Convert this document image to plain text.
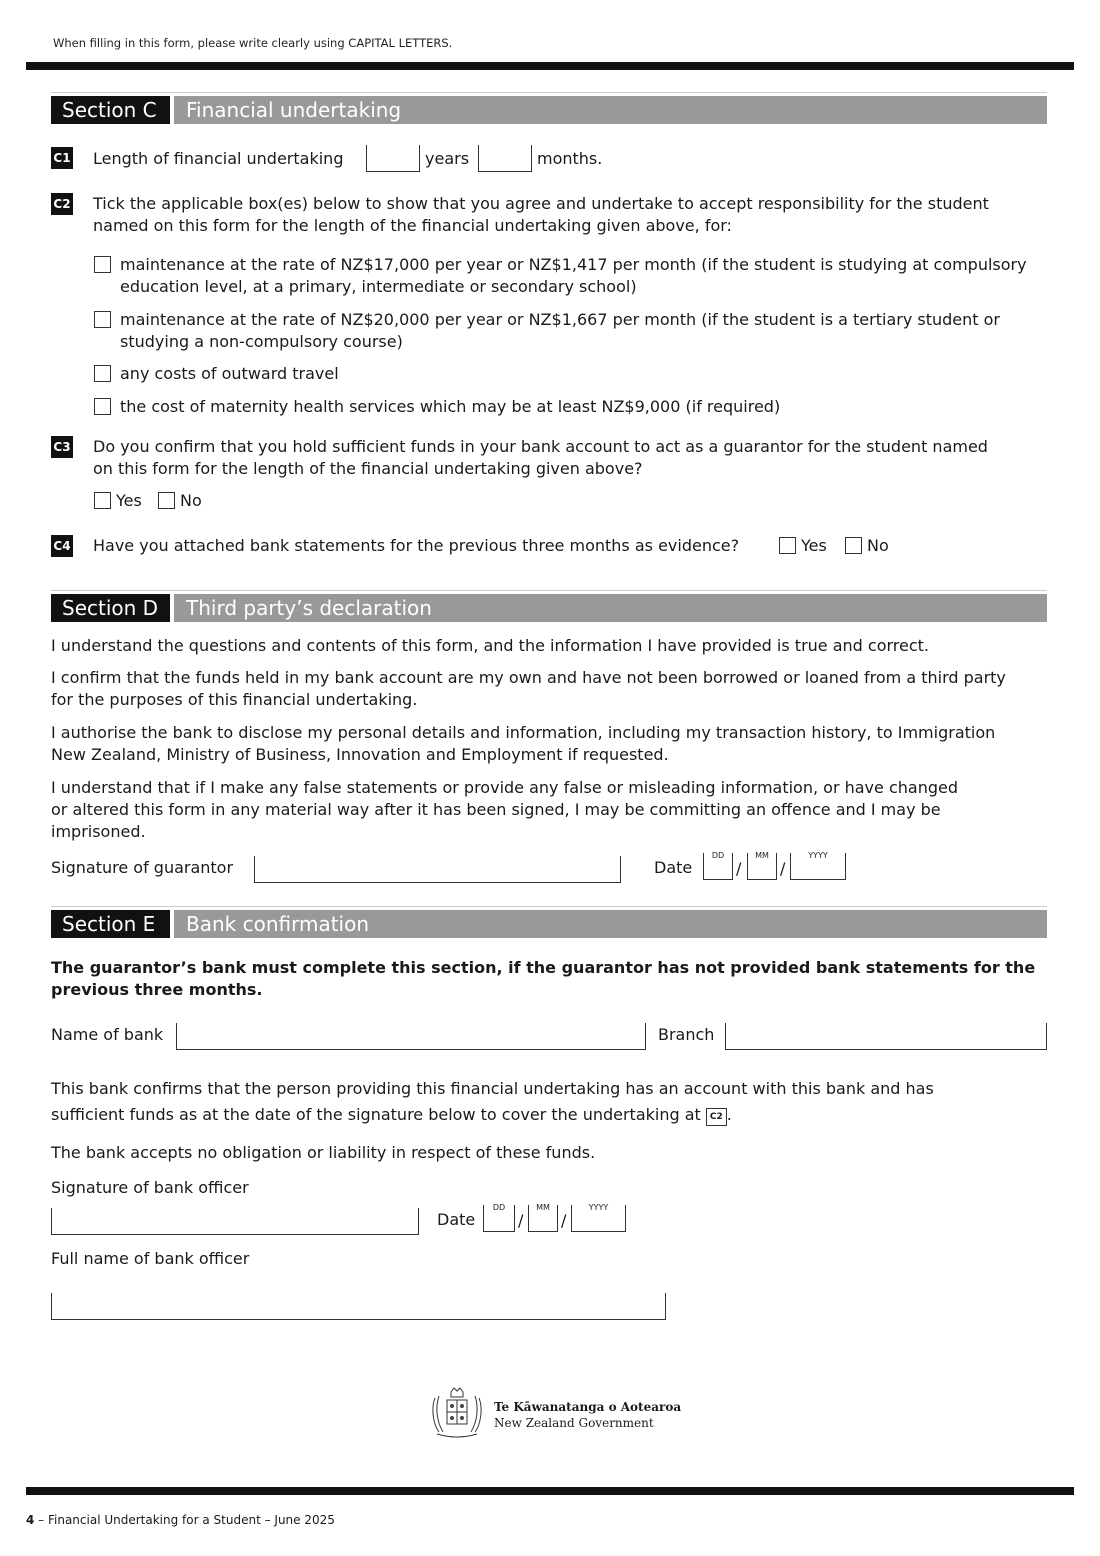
When filling in this form, please write clearly using CAPITAL LETTERS.
Section C	Financial undertaking
C1 Length of financial undertaking	years	months.
C2 Tick the applicable box(es) below to show that you agree and undertake to accept responsibility for the student
named on this form for the length of the financial undertaking given above, for:
maintenance at the rate of NZ$17,000 per year or NZ$1,417 per month (if the student is studying at compulsory
education level, at a primary, intermediate or secondary school)
maintenance at the rate of NZ$20,000 per year or NZ$1,667 per month (if the student is a tertiary student or
studying a non-compulsory course)
any costs of outward travel
the cost of maternity health services which may be at least NZ$9,000 (if required)
C3 Do you confirm that you hold sufficient funds in your bank account to act as a guarantor for the student named
on this form for the length of the financial undertaking given above?
Yes No
C4 Have you attached bank statements for the previous three months as evidence?	Yes	No
Section D	Third party’s declaration
I understand the questions and contents of this form, and the information I have provided is true and correct.
I confirm that the funds held in my bank account are my own and have not been borrowed or loaned from a third party
for the purposes of this financial undertaking.
I authorise the bank to disclose my personal details and information, including my transaction history, to Immigration
New Zealand, Ministry of Business, Innovation and Employment if requested.
I understand that if I make any false statements or provide any false or misleading information, or have changed
or altered this form in any material way after it has been signed, I may be committing an offence and I may be
imprisoned.
Signature of guarantor	Date
DD
/
MM
/
YYYY
Section E	Bank confirmation
The guarantor’s bank must complete this section, if the guarantor has not provided bank statements for the
previous three months.
Name of bank	Branch
This bank confirms that the person providing this financial undertaking has an account with this bank and has
sufficient funds as at the date of the signature below to cover the undertaking at C2 .
The bank accepts no obligation or liability in respect of these funds.
Signature of bank officer
Date
DD
/
MM
/
YYYY
Full name of bank officer
Te Kāwanatanga o Aotearoa
New Zealand Government
4 – Financial Undertaking for a Student – June 2025
